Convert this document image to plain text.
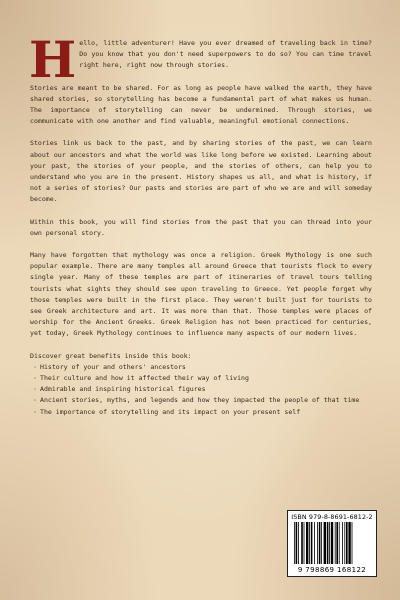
Hello, little adventurer! Have you ever dreamed of traveling back in time? Do you know that you don't need superpowers to do so? You can time travel right here, right now through stories.

Stories are meant to be shared. For as long as people have walked the earth, they have shared stories, so storytelling has become a fundamental part of what makes us human. The importance of storytelling can never be undermined. Through stories, we communicate with one another and find valuable, meaningful emotional connections.

Stories link us back to the past, and by sharing stories of the past, we can learn about our ancestors and what the world was like long before we existed. Learning about your past, the stories of your people, and the stories of others, can help you to understand who you are in the present. History shapes us all, and what is history, if not a series of stories? Our pasts and stories are part of who we are and will someday become.

Within this book, you will find stories from the past that you can thread into your own personal story.

Many have forgotten that mythology was once a religion. Greek Mythology is one such popular example. There are many temples all around Greece that tourists flock to every single year. Many of these temples are part of itineraries of travel tours telling tourists what sights they should see upon traveling to Greece. Yet people forget why those temples were built in the first place. They weren't built just for tourists to see Greek architecture and art. It was more than that. Those temples were places of worship for the Ancient Greeks. Greek Religion has not been practiced for centuries, yet today, Greek Mythology continues to influence many aspects of our modern lives.

Discover great benefits inside this book:
· History of your and others' ancestors
· Their culture and how it affected their way of living
· Admirable and inspiring historical figures
· Ancient stories, myths, and legends and how they impacted the people of that time
· The importance of storytelling and its impact on your present self
ISBN 979-8-8691-6812-2
9 798869 168122
